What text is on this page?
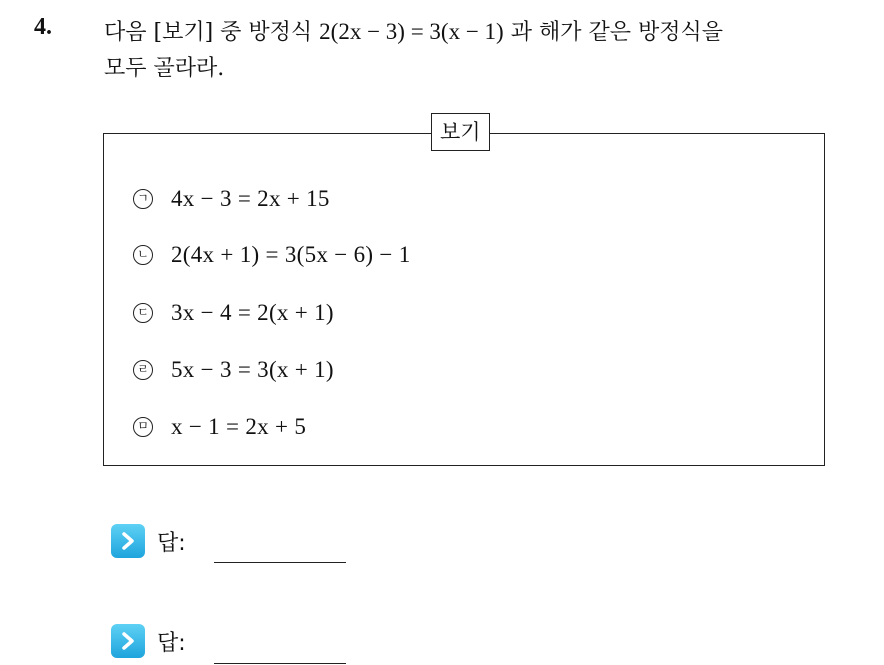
4. 다음 [보기] 중 방정식 2(2x − 3) = 3(x − 1) 과 해가 같은 방정식을
모두 골라라.
보기
ㄱ 4x − 3 = 2x + 15
ㄴ 2(4x + 1) = 3(5x − 6) − 1
ㄷ 3x − 4 = 2(x + 1)
ㄹ 5x − 3 = 3(x + 1)
ㅁ x − 1 = 2x + 5
답:
답:
